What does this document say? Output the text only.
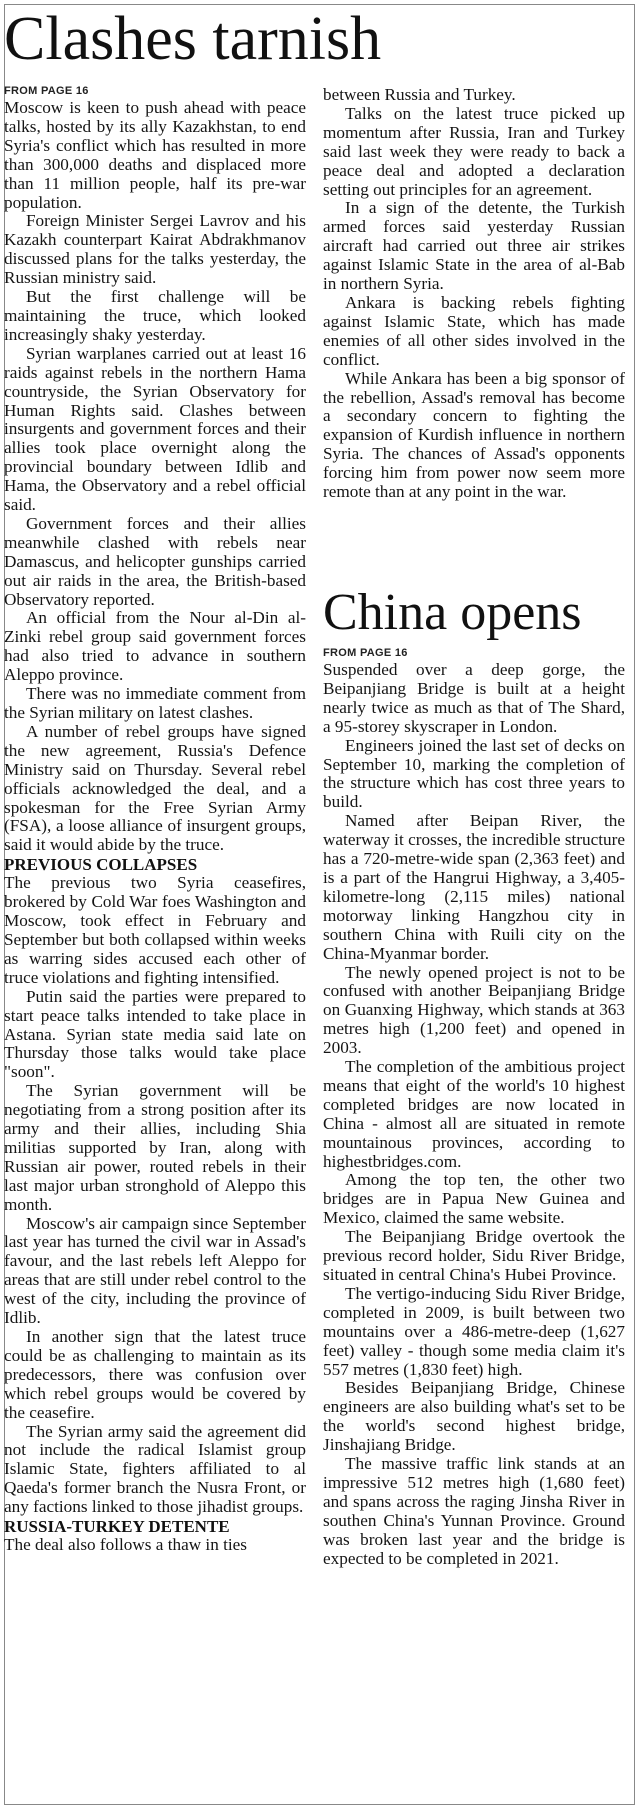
Clashes tarnish
FROM PAGE 16

Moscow is keen to push ahead with peace talks, hosted by its ally Kazakhstan, to end Syria's conflict which has resulted in more than 300,000 deaths and displaced more than 11 million people, half its pre-war population.

Foreign Minister Sergei Lavrov and his Kazakh counterpart Kairat Abdrakhmanov discussed plans for the talks yesterday, the Russian ministry said.

But the first challenge will be maintaining the truce, which looked increasingly shaky yesterday.

Syrian warplanes carried out at least 16 raids against rebels in the northern Hama countryside, the Syrian Observatory for Human Rights said. Clashes between insurgents and government forces and their allies took place overnight along the provincial boundary between Idlib and Hama, the Observatory and a rebel official said.

Government forces and their allies meanwhile clashed with rebels near Damascus, and helicopter gunships carried out air raids in the area, the British-based Observatory reported.

An official from the Nour al-Din al-Zinki rebel group said government forces had also tried to advance in southern Aleppo province.

There was no immediate comment from the Syrian military on latest clashes.

A number of rebel groups have signed the new agreement, Russia's Defence Ministry said on Thursday. Several rebel officials acknowledged the deal, and a spokesman for the Free Syrian Army (FSA), a loose alliance of insurgent groups, said it would abide by the truce.

PREVIOUS COLLAPSES

The previous two Syria ceasefires, brokered by Cold War foes Washington and Moscow, took effect in February and September but both collapsed within weeks as warring sides accused each other of truce violations and fighting intensified.

Putin said the parties were prepared to start peace talks intended to take place in Astana. Syrian state media said late on Thursday those talks would take place "soon".

The Syrian government will be negotiating from a strong position after its army and their allies, including Shia militias supported by Iran, along with Russian air power, routed rebels in their last major urban stronghold of Aleppo this month.

Moscow's air campaign since September last year has turned the civil war in Assad's favour, and the last rebels left Aleppo for areas that are still under rebel control to the west of the city, including the province of Idlib.

In another sign that the latest truce could be as challenging to maintain as its predecessors, there was confusion over which rebel groups would be covered by the ceasefire.

The Syrian army said the agreement did not include the radical Islamist group Islamic State, fighters affiliated to al Qaeda's former branch the Nusra Front, or any factions linked to those jihadist groups.

RUSSIA-TURKEY DETENTE

The deal also follows a thaw in ties

between Russia and Turkey.

Talks on the latest truce picked up momentum after Russia, Iran and Turkey said last week they were ready to back a peace deal and adopted a declaration setting out principles for an agreement.

In a sign of the detente, the Turkish armed forces said yesterday Russian aircraft had carried out three air strikes against Islamic State in the area of al-Bab in northern Syria.

Ankara is backing rebels fighting against Islamic State, which has made enemies of all other sides involved in the conflict.

While Ankara has been a big sponsor of the rebellion, Assad's removal has become a secondary concern to fighting the expansion of Kurdish influence in northern Syria. The chances of Assad's opponents forcing him from power now seem more remote than at any point in the war.

China opens
FROM PAGE 16

Suspended over a deep gorge, the Beipanjiang Bridge is built at a height nearly twice as much as that of The Shard, a 95-storey skyscraper in London.

Engineers joined the last set of decks on September 10, marking the completion of the structure which has cost three years to build.

Named after Beipan River, the waterway it crosses, the incredible structure has a 720-metre-wide span (2,363 feet) and is a part of the Hangrui Highway, a 3,405-kilometre-long (2,115 miles) national motorway linking Hangzhou city in southern China with Ruili city on the China-Myanmar border.

The newly opened project is not to be confused with another Beipanjiang Bridge on Guanxing Highway, which stands at 363 metres high (1,200 feet) and opened in 2003.

The completion of the ambitious project means that eight of the world's 10 highest completed bridges are now located in China - almost all are situated in remote mountainous provinces, according to highestbridges.com.

Among the top ten, the other two bridges are in Papua New Guinea and Mexico, claimed the same website.

The Beipanjiang Bridge overtook the previous record holder, Sidu River Bridge, situated in central China's Hubei Province.

The vertigo-inducing Sidu River Bridge, completed in 2009, is built between two mountains over a 486-metre-deep (1,627 feet) valley - though some media claim it's 557 metres (1,830 feet) high.

Besides Beipanjiang Bridge, Chinese engineers are also building what's set to be the world's second highest bridge, Jinshajiang Bridge.

The massive traffic link stands at an impressive 512 metres high (1,680 feet) and spans across the raging Jinsha River in southen China's Yunnan Province. Ground was broken last year and the bridge is expected to be completed in 2021.
